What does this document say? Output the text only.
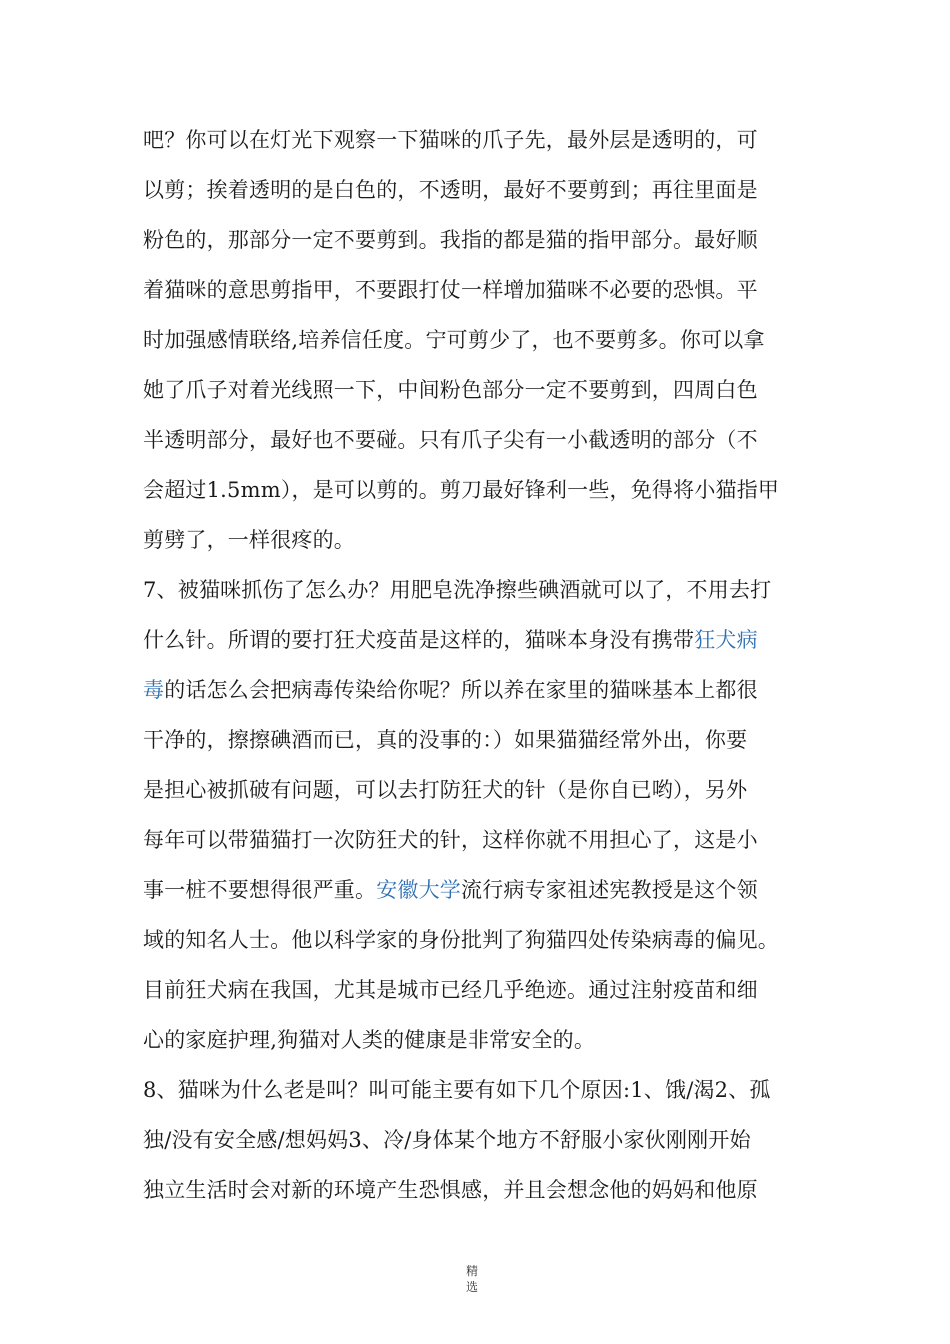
吧？你可以在灯光下观察一下猫咪的爪子先，最外层是透明的，可
以剪；挨着透明的是白色的，不透明，最好不要剪到；再往里面是
粉色的，那部分一定不要剪到。我指的都是猫的指甲部分。最好顺
着猫咪的意思剪指甲，不要跟打仗一样增加猫咪不必要的恐惧。平
时加强感情联络,培养信任度。宁可剪少了，也不要剪多。你可以拿
她了爪子对着光线照一下，中间粉色部分一定不要剪到，四周白色
半透明部分，最好也不要碰。只有爪子尖有一小截透明的部分（不
会超过1.5mm），是可以剪的。剪刀最好锋利一些，免得将小猫指甲
剪劈了，一样很疼的。
7、被猫咪抓伤了怎么办？用肥皂洗净擦些碘酒就可以了，不用去打
什么针。所谓的要打狂犬疫苗是这样的，猫咪本身没有携带狂犬病
毒的话怎么会把病毒传染给你呢？所以养在家里的猫咪基本上都很
干净的，擦擦碘酒而已，真的没事的：）如果猫猫经常外出，你要
是担心被抓破有问题，可以去打防狂犬的针（是你自已哟），另外
每年可以带猫猫打一次防狂犬的针，这样你就不用担心了，这是小
事一桩不要想得很严重。安徽大学流行病专家祖述宪教授是这个领
域的知名人士。他以科学家的身份批判了狗猫四处传染病毒的偏见。
目前狂犬病在我国，尤其是城市已经几乎绝迹。通过注射疫苗和细
心的家庭护理,狗猫对人类的健康是非常安全的。
8、猫咪为什么老是叫？叫可能主要有如下几个原因:1、饿/渴2、孤
独/没有安全感/想妈妈3、冷/身体某个地方不舒服小家伙刚刚开始
独立生活时会对新的环境产生恐惧感，并且会想念他的妈妈和他原
精
选
